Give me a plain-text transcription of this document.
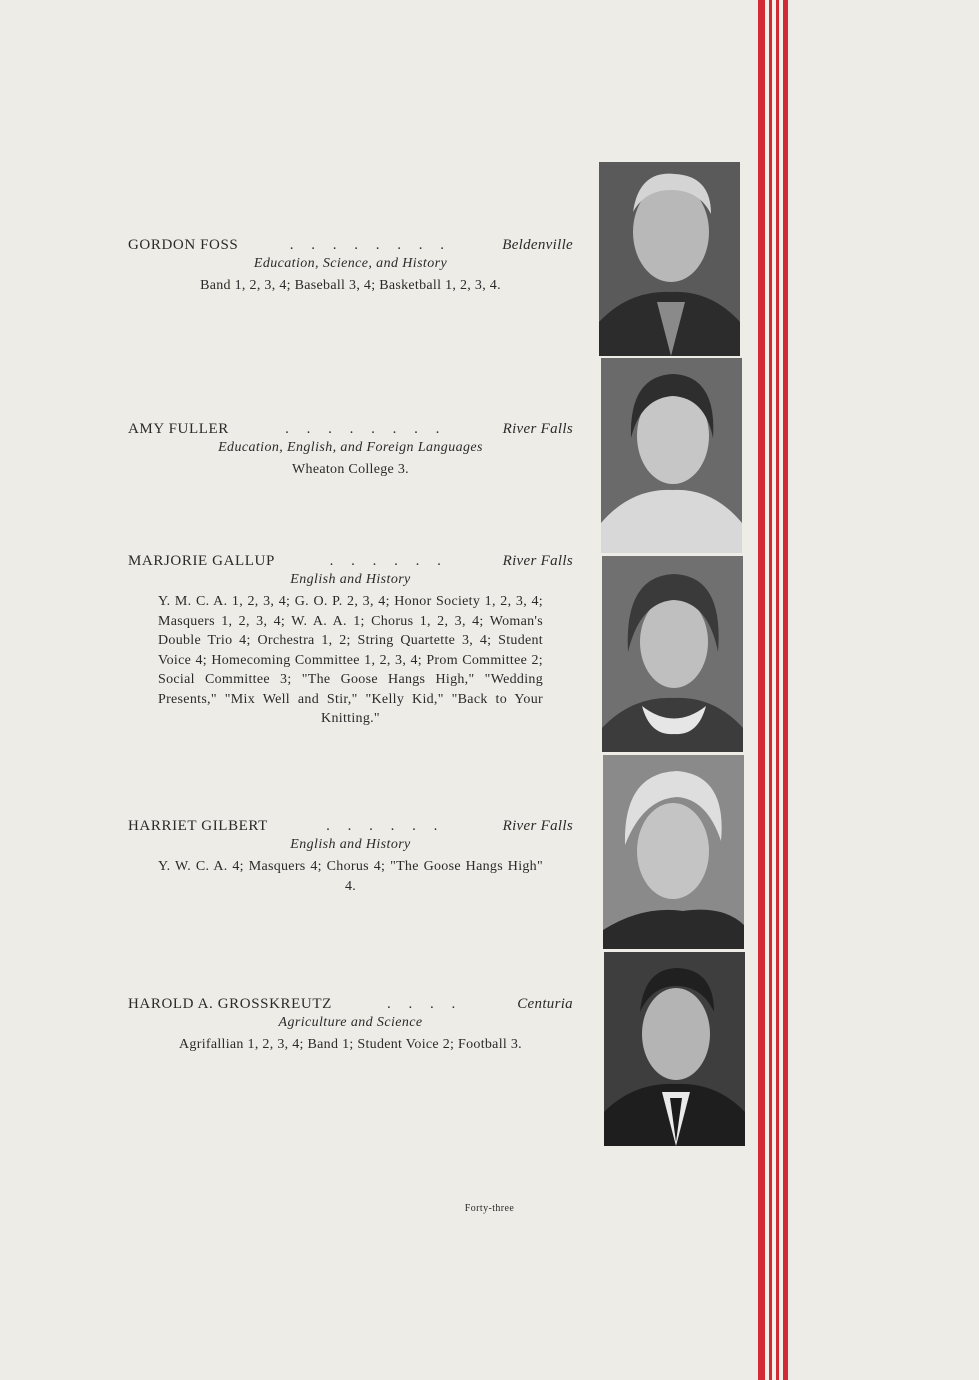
GORDON FOSS	. . . . . . . .	Beldenville
Education, Science, and History
Band 1, 2, 3, 4; Baseball 3, 4; Basketball 1, 2, 3, 4.
AMY FULLER	. . . . . . . .	River Falls
Education, English, and Foreign Languages
Wheaton College 3.
MARJORIE GALLUP	. . . . . .	River Falls
English and History
Y. M. C. A. 1, 2, 3, 4; G. O. P. 2, 3, 4; Honor Society 1, 2, 3, 4; Masquers 1, 2, 3, 4; W. A. A. 1; Chorus 1, 2, 3, 4; Woman's Double Trio 4; Orchestra 1, 2; String Quartette 3, 4; Student Voice 4; Homecoming Committee 1, 2, 3, 4; Prom Committee 2; Social Committee 3; "The Goose Hangs High," "Wedding Presents," "Mix Well and Stir," "Kelly Kid," "Back to Your Knitting."
HARRIET GILBERT	. . . . . .	River Falls
English and History
Y. W. C. A. 4; Masquers 4; Chorus 4; "The Goose Hangs High" 4.
HAROLD A. GROSSKREUTZ	. . . .	Centuria
Agriculture and Science
Agrifallian 1, 2, 3, 4; Band 1; Student Voice 2; Football 3.
Forty-three
